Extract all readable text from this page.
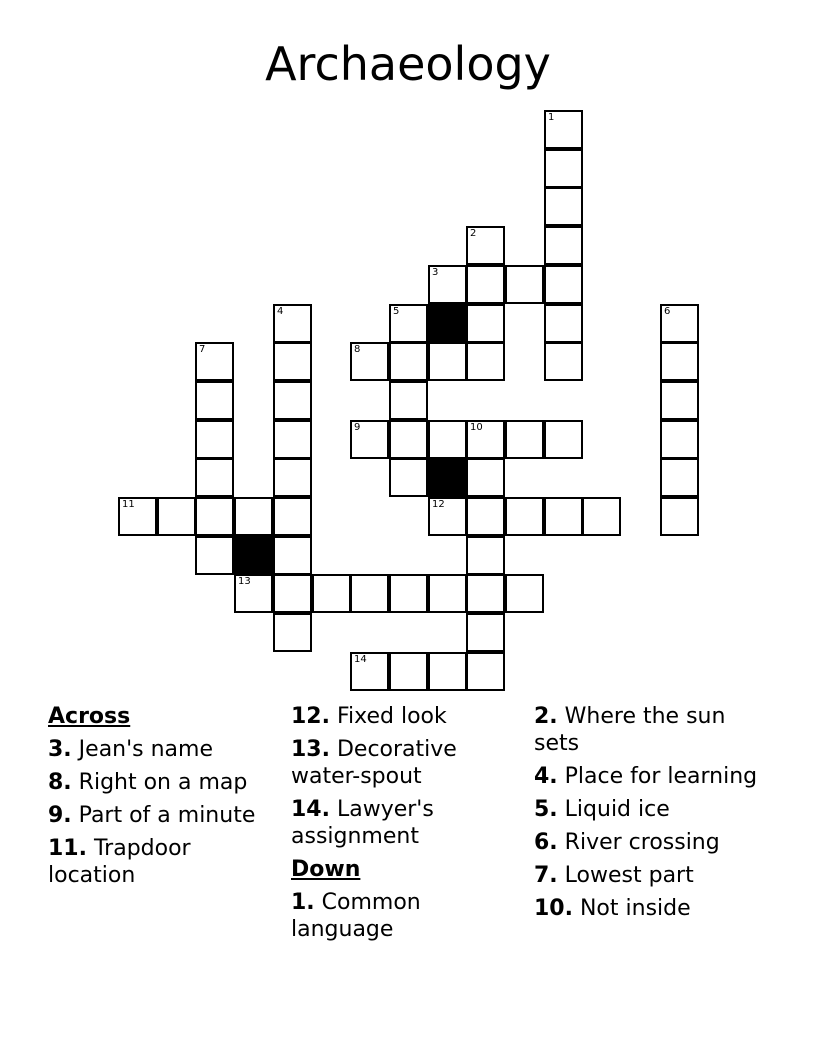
Archaeology
1
2
3
4	5	6
7	8
9	10
11	12
13
14
Across
3. Jean's name
8. Right on a map
9. Part of a minute
11. Trapdoor location
12. Fixed look
13. Decorative water-spout
14. Lawyer's assignment
Down
1. Common language
2. Where the sun sets
4. Place for learning
5. Liquid ice
6. River crossing
7. Lowest part
10. Not inside
